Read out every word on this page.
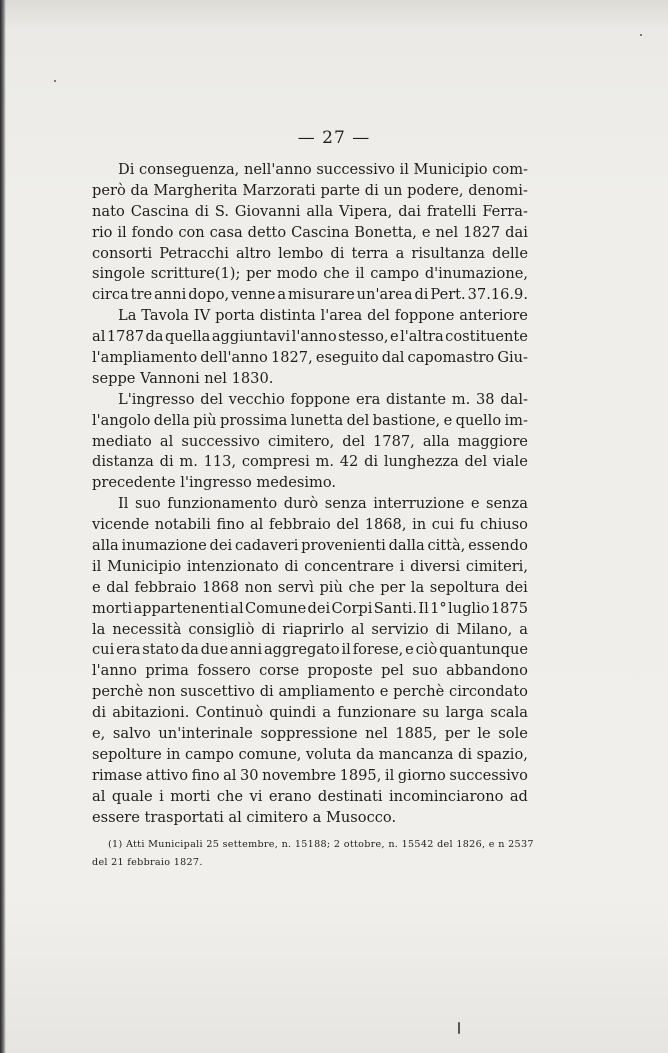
— 27 —
Di conseguenza, nell'anno successivo il Municipio com-
però da Margherita Marzorati parte di un podere, denomi-
nato Cascina di S. Giovanni alla Vipera, dai fratelli Ferra-
rio il fondo con casa detto Cascina Bonetta, e nel 1827 dai
consorti Petracchi altro lembo di terra a risultanza delle
singole scritture(1); per modo che il campo d'inumazione,
circa tre anni dopo, venne a misurare un'area di Pert. 37.16.9.
La Tavola IV porta distinta l'area del foppone anteriore
al 1787 da quella aggiuntavi l'anno stesso, e l'altra costituente
l'ampliamento dell'anno 1827, eseguito dal capomastro Giu-
seppe Vannoni nel 1830.
L'ingresso del vecchio foppone era distante m. 38 dal-
l'angolo della più prossima lunetta del bastione, e quello im-
mediato al successivo cimitero, del 1787, alla maggiore
distanza di m. 113, compresi m. 42 di lunghezza del viale
precedente l'ingresso medesimo.
Il suo funzionamento durò senza interruzione e senza
vicende notabili fino al febbraio del 1868, in cui fu chiuso
alla inumazione dei cadaveri provenienti dalla città, essendo
il Municipio intenzionato di concentrare i diversi cimiteri,
e dal febbraio 1868 non servì più che per la sepoltura dei
morti appartenenti al Comune dei Corpi Santi. Il 1° luglio 1875
la necessità consigliò di riaprirlo al servizio di Milano, a
cui era stato da due anni aggregato il forese, e ciò quantunque
l'anno prima fossero corse proposte pel suo abbandono
perchè non suscettivo di ampliamento e perchè circondato
di abitazioni. Continuò quindi a funzionare su larga scala
e, salvo un'interinale soppressione nel 1885, per le sole
sepolture in campo comune, voluta da mancanza di spazio,
rimase attivo fino al 30 novembre 1895, il giorno successivo
al quale i morti che vi erano destinati incominciarono ad
essere trasportati al cimitero a Musocco.
(1) Atti Municipali 25 settembre, n. 15188; 2 ottobre, n. 15542 del 1826, e n 2537
del 21 febbraio 1827.
